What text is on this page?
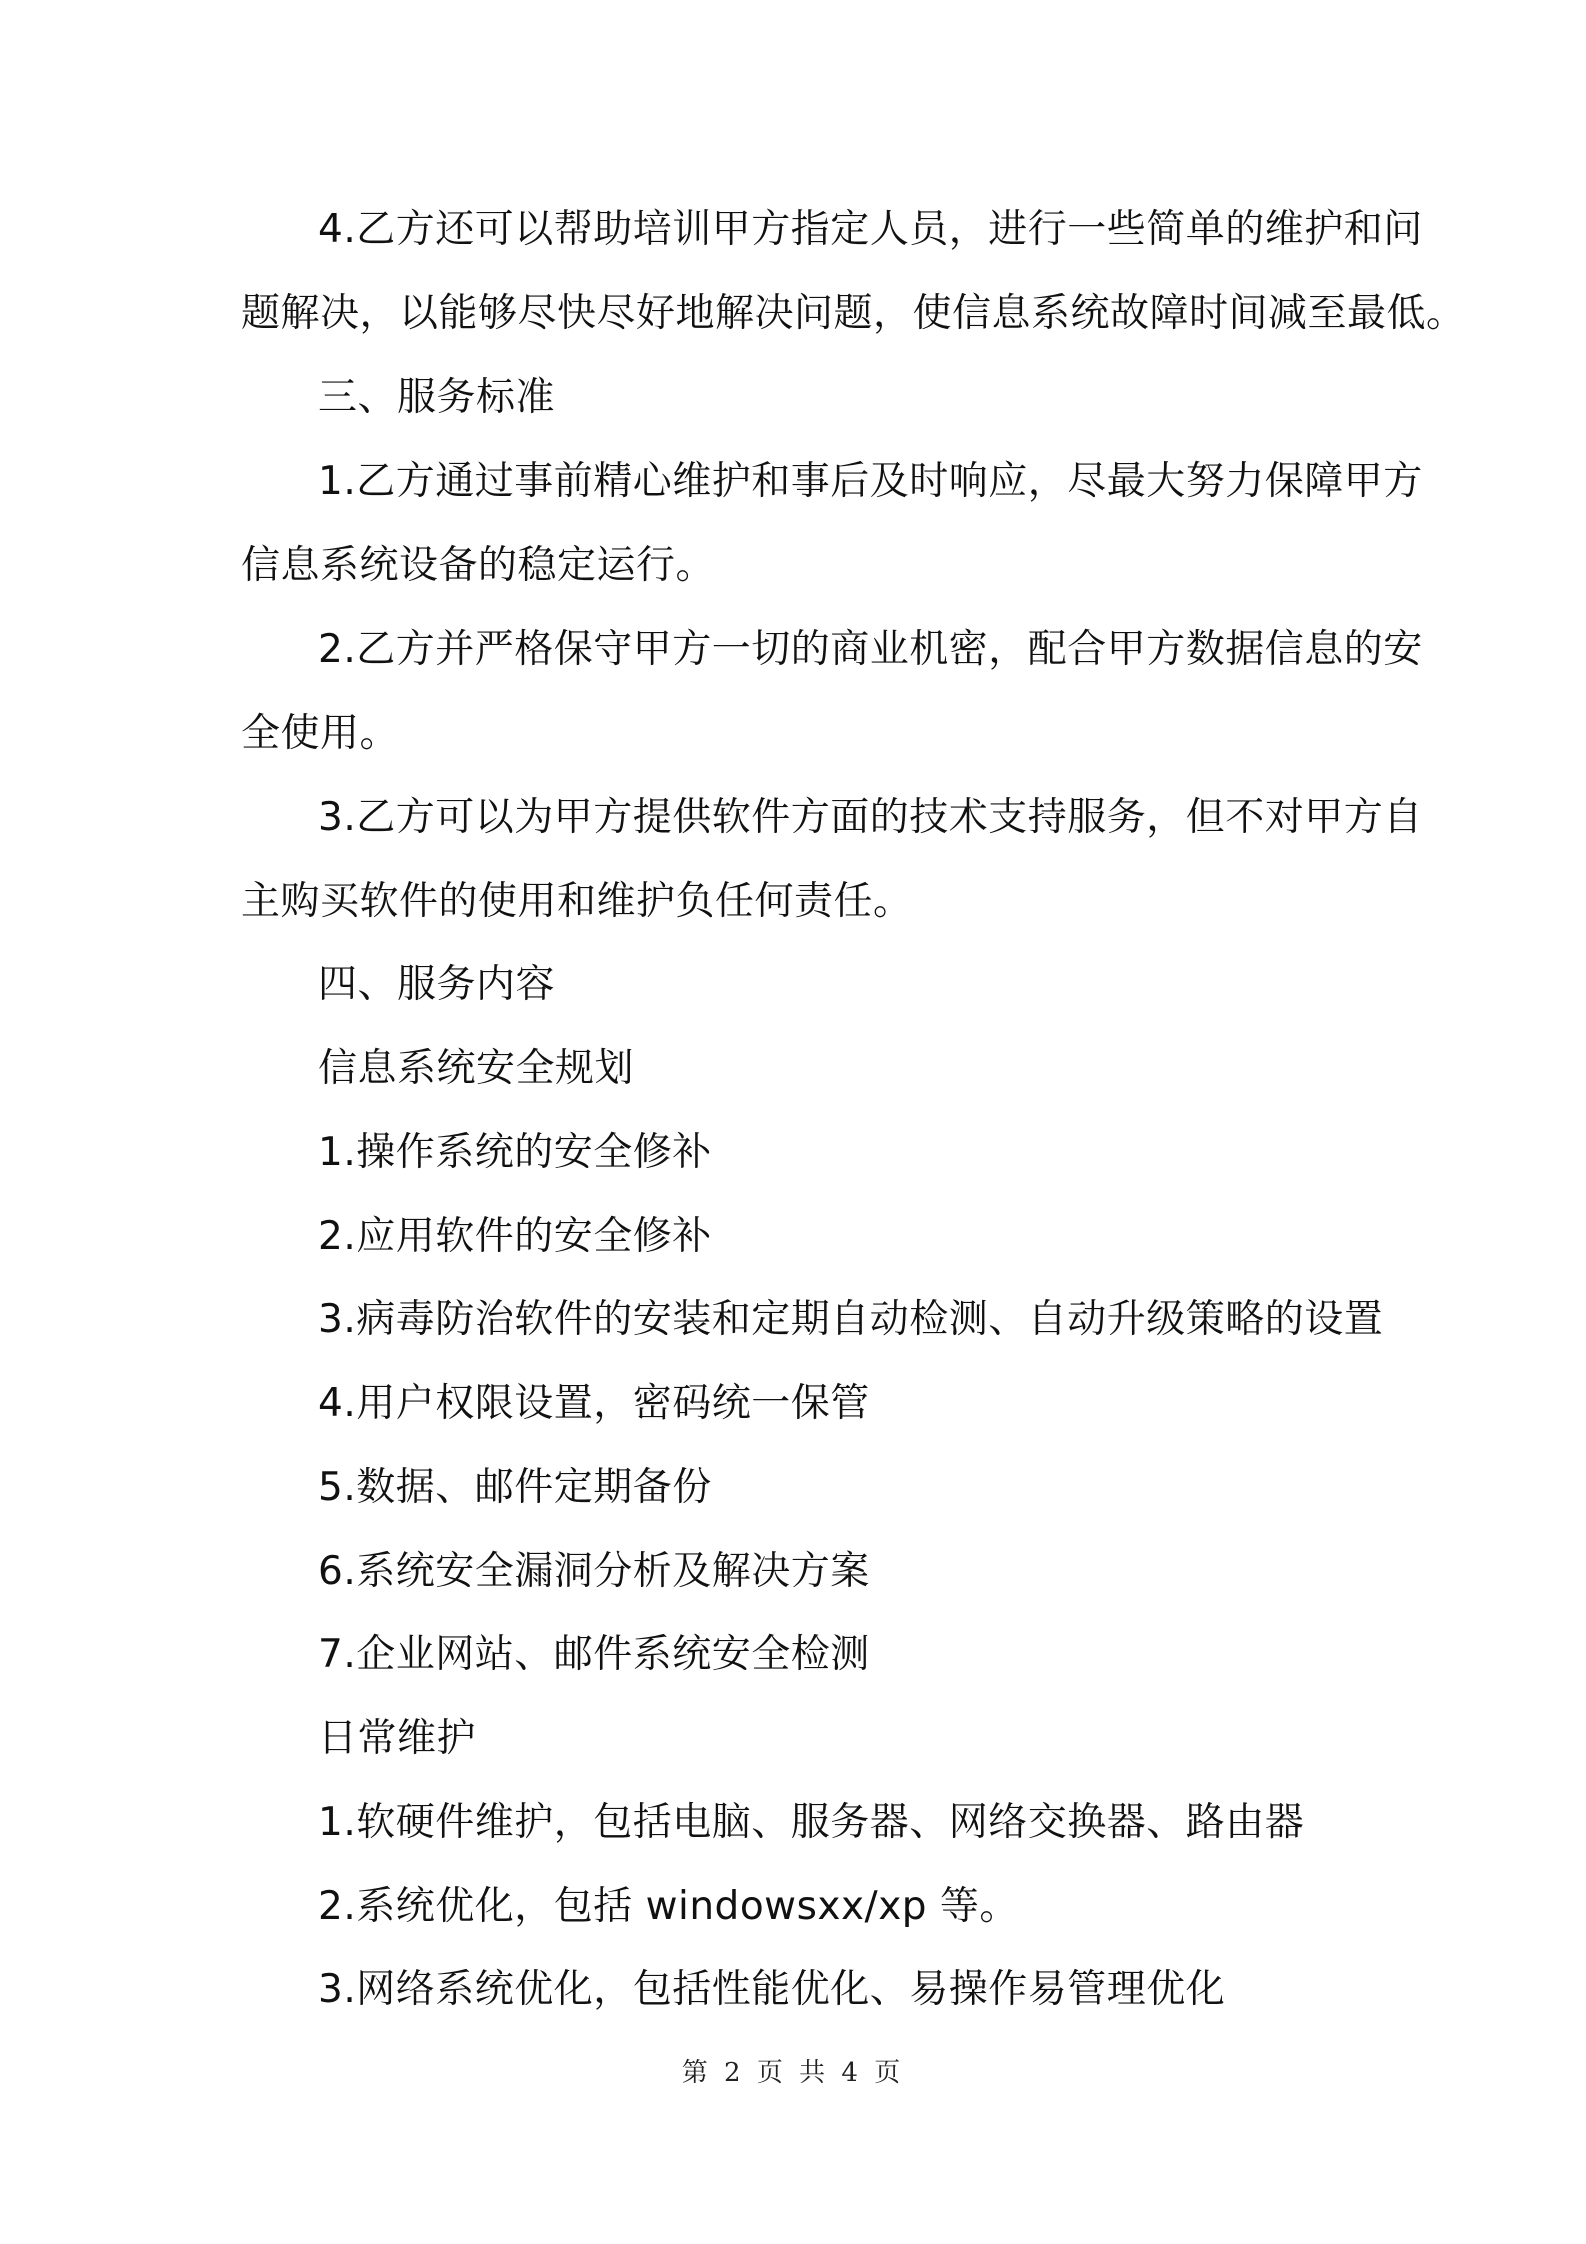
4.乙方还可以帮助培训甲方指定人员，进行一些简单的维护和问
题解决，以能够尽快尽好地解决问题，使信息系统故障时间减至最低。
三、服务标准
1.乙方通过事前精心维护和事后及时响应，尽最大努力保障甲方
信息系统设备的稳定运行。
2.乙方并严格保守甲方一切的商业机密，配合甲方数据信息的安
全使用。
3.乙方可以为甲方提供软件方面的技术支持服务，但不对甲方自
主购买软件的使用和维护负任何责任。
四、服务内容
信息系统安全规划
1.操作系统的安全修补
2.应用软件的安全修补
3.病毒防治软件的安装和定期自动检测、自动升级策略的设置
4.用户权限设置，密码统一保管
5.数据、邮件定期备份
6.系统安全漏洞分析及解决方案
7.企业网站、邮件系统安全检测
日常维护
1.软硬件维护，包括电脑、服务器、网络交换器、路由器
2.系统优化，包括 windowsxx/xp 等。
3.网络系统优化，包括性能优化、易操作易管理优化
第 2 页 共 4 页
